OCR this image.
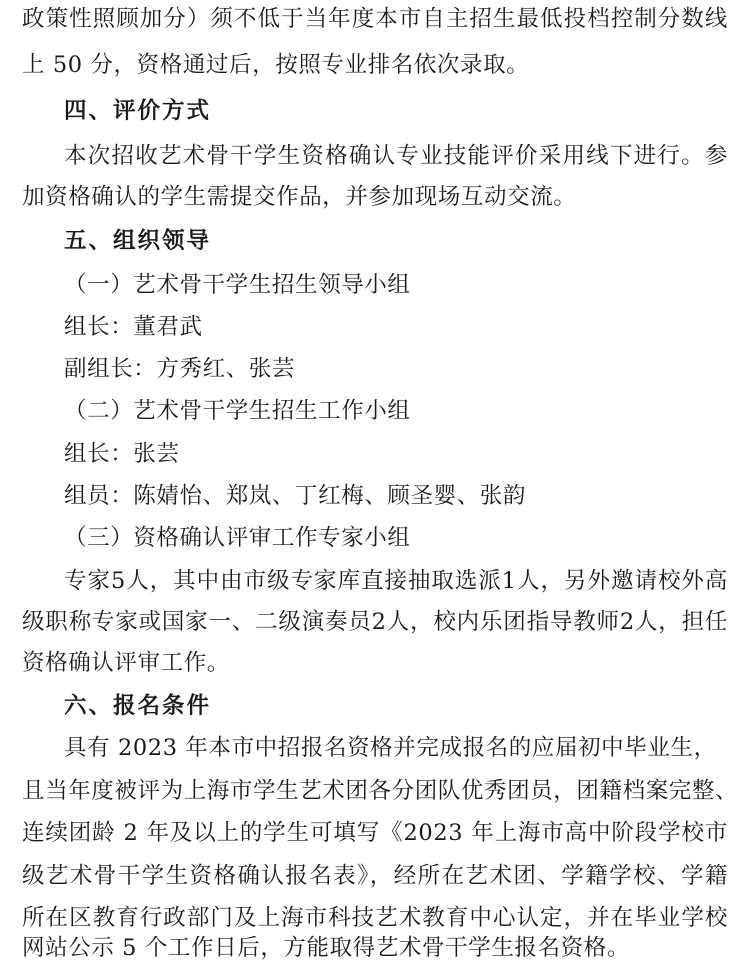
政策性照顾加分）须不低于当年度本市自主招生最低投档控制分数线
上 50 分，资格通过后，按照专业排名依次录取。
四、评价方式
本次招收艺术骨干学生资格确认专业技能评价采用线下进行。参
加资格确认的学生需提交作品，并参加现场互动交流。
五、组织领导
（一）艺术骨干学生招生领导小组
组长：董君武
副组长：方秀红、张芸
（二）艺术骨干学生招生工作小组
组长：张芸
组员：陈婧怡、郑岚、丁红梅、顾圣婴、张韵
（三）资格确认评审工作专家小组
专家5人，其中由市级专家库直接抽取选派1人，另外邀请校外高
级职称专家或国家一、二级演奏员2人，校内乐团指导教师2人，担任
资格确认评审工作。
六、报名条件
具有 2023 年本市中招报名资格并完成报名的应届初中毕业生，
且当年度被评为上海市学生艺术团各分团队优秀团员，团籍档案完整、
连续团龄 2 年及以上的学生可填写《2023 年上海市高中阶段学校市
级艺术骨干学生资格确认报名表》，经所在艺术团、学籍学校、学籍
所在区教育行政部门及上海市科技艺术教育中心认定，并在毕业学校
网站公示 5 个工作日后，方能取得艺术骨干学生报名资格。
